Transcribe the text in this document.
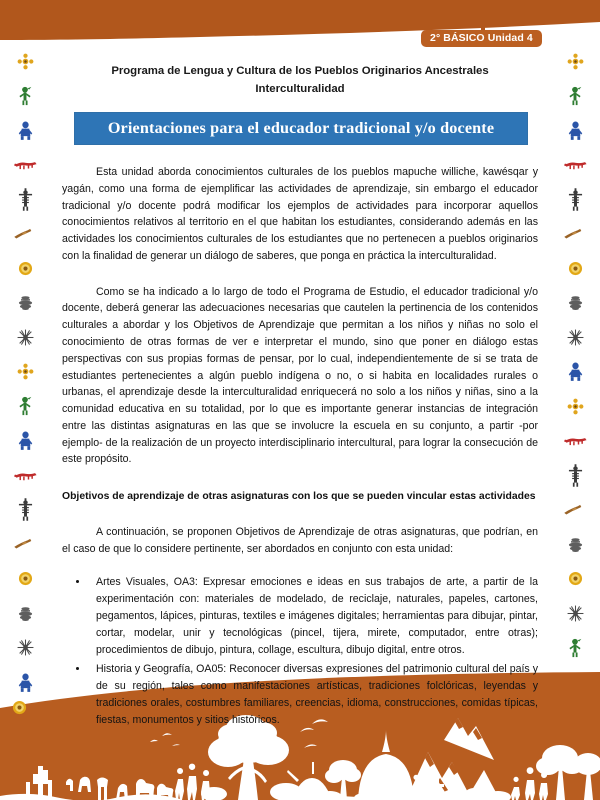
2° BÁSICO Unidad 4
Programa de Lengua y Cultura de los Pueblos Originarios Ancestrales
Interculturalidad
Orientaciones para el educador tradicional y/o docente

Esta unidad aborda conocimientos culturales de los pueblos mapuche williche, kawésqar y yagán, como una forma de ejemplificar las actividades de aprendizaje, sin embargo el educador tradicional y/o docente podrá modificar los ejemplos de actividades para incorporar aquellos conocimientos relativos al territorio en el que habitan los estudiantes, considerando además en las actividades los conocimientos culturales de los estudiantes que no pertenecen a pueblos originarios con la finalidad de generar un diálogo de saberes, que ponga en práctica la interculturalidad.

Como se ha indicado a lo largo de todo el Programa de Estudio, el educador tradicional y/o docente, deberá generar las adecuaciones necesarias que cautelen la pertinencia de los contenidos culturales a abordar y los Objetivos de Aprendizaje que permitan a los niños y niñas no solo el conocimiento de otras formas de ver e interpretar el mundo, sino que poner en diálogo estas perspectivas con sus propias formas de pensar, por lo cual, independientemente de si se trata de estudiantes pertenecientes a algún pueblo indígena o no, o si habita en localidades rurales o urbanas, el aprendizaje desde la interculturalidad enriquecerá no solo a los niños y niñas, sino a la comunidad educativa en su totalidad, por lo que es importante generar instancias de integración entre las distintas asignaturas en las que se involucre la escuela en su conjunto, a partir -por ejemplo- de la realización de un proyecto interdisciplinario intercultural, para lograr la consecución de este propósito.

Objetivos de aprendizaje de otras asignaturas con los que se pueden vincular estas actividades

A continuación, se proponen Objetivos de Aprendizaje de otras asignaturas, que podrían, en el caso de que lo considere pertinente, ser abordados en conjunto con esta unidad:

Artes Visuales, OA3: Expresar emociones e ideas en sus trabajos de arte, a partir de la experimentación con: materiales de modelado, de reciclaje, naturales, papeles, cartones, pegamentos, lápices, pinturas, textiles e imágenes digitales; herramientas para dibujar, pintar, cortar, modelar, unir y tecnológicas (pincel, tijera, mirete, computador, entre otras); procedimientos de dibujo, pintura, collage, escultura, dibujo digital, entre otros.
Historia y Geografía, OA05: Reconocer diversas expresiones del patrimonio cultural del país y de su región, tales como manifestaciones artísticas, tradiciones folclóricas, leyendas y tradiciones orales, costumbres familiares, creencias, idioma, construcciones, comidas típicas, fiestas, monumentos y sitios históricos.
